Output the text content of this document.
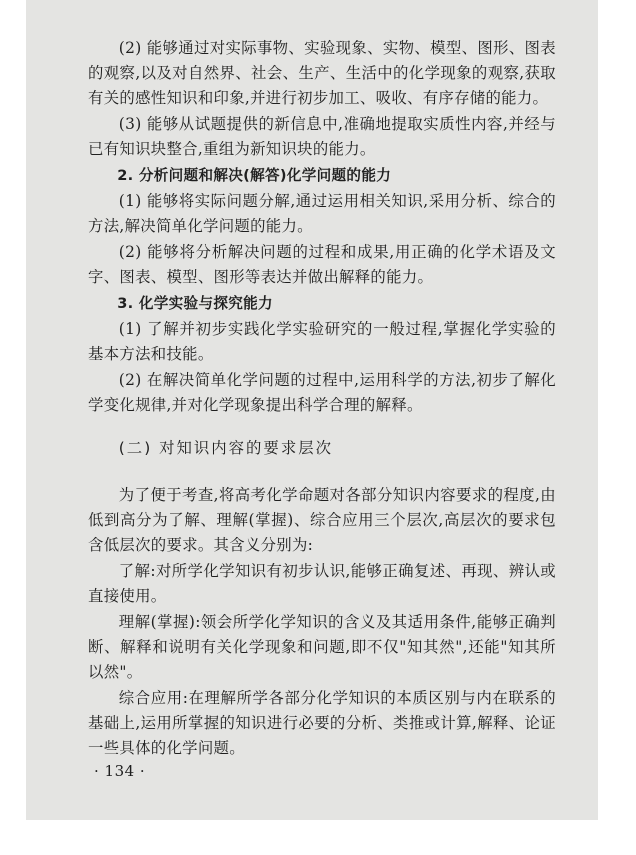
(2) 能够通过对实际事物、实验现象、实物、模型、图形、图表的观察,以及对自然界、社会、生产、生活中的化学现象的观察,获取有关的感性知识和印象,并进行初步加工、吸收、有序存储的能力。

(3) 能够从试题提供的新信息中,准确地提取实质性内容,并经与已有知识块整合,重组为新知识块的能力。

2. 分析问题和解决(解答)化学问题的能力

(1) 能够将实际问题分解,通过运用相关知识,采用分析、综合的方法,解决简单化学问题的能力。

(2) 能够将分析解决问题的过程和成果,用正确的化学术语及文字、图表、模型、图形等表达并做出解释的能力。

3. 化学实验与探究能力

(1) 了解并初步实践化学实验研究的一般过程,掌握化学实验的基本方法和技能。

(2) 在解决简单化学问题的过程中,运用科学的方法,初步了解化学变化规律,并对化学现象提出科学合理的解释。

(二) 对知识内容的要求层次

为了便于考查,将高考化学命题对各部分知识内容要求的程度,由低到高分为了解、理解(掌握)、综合应用三个层次,高层次的要求包含低层次的要求。其含义分别为:

了解:对所学化学知识有初步认识,能够正确复述、再现、辨认或直接使用。

理解(掌握):领会所学化学知识的含义及其适用条件,能够正确判断、解释和说明有关化学现象和问题,即不仅"知其然",还能"知其所以然"。

综合应用:在理解所学各部分化学知识的本质区别与内在联系的基础上,运用所掌握的知识进行必要的分析、类推或计算,解释、论证一些具体的化学问题。

· 134 ·
